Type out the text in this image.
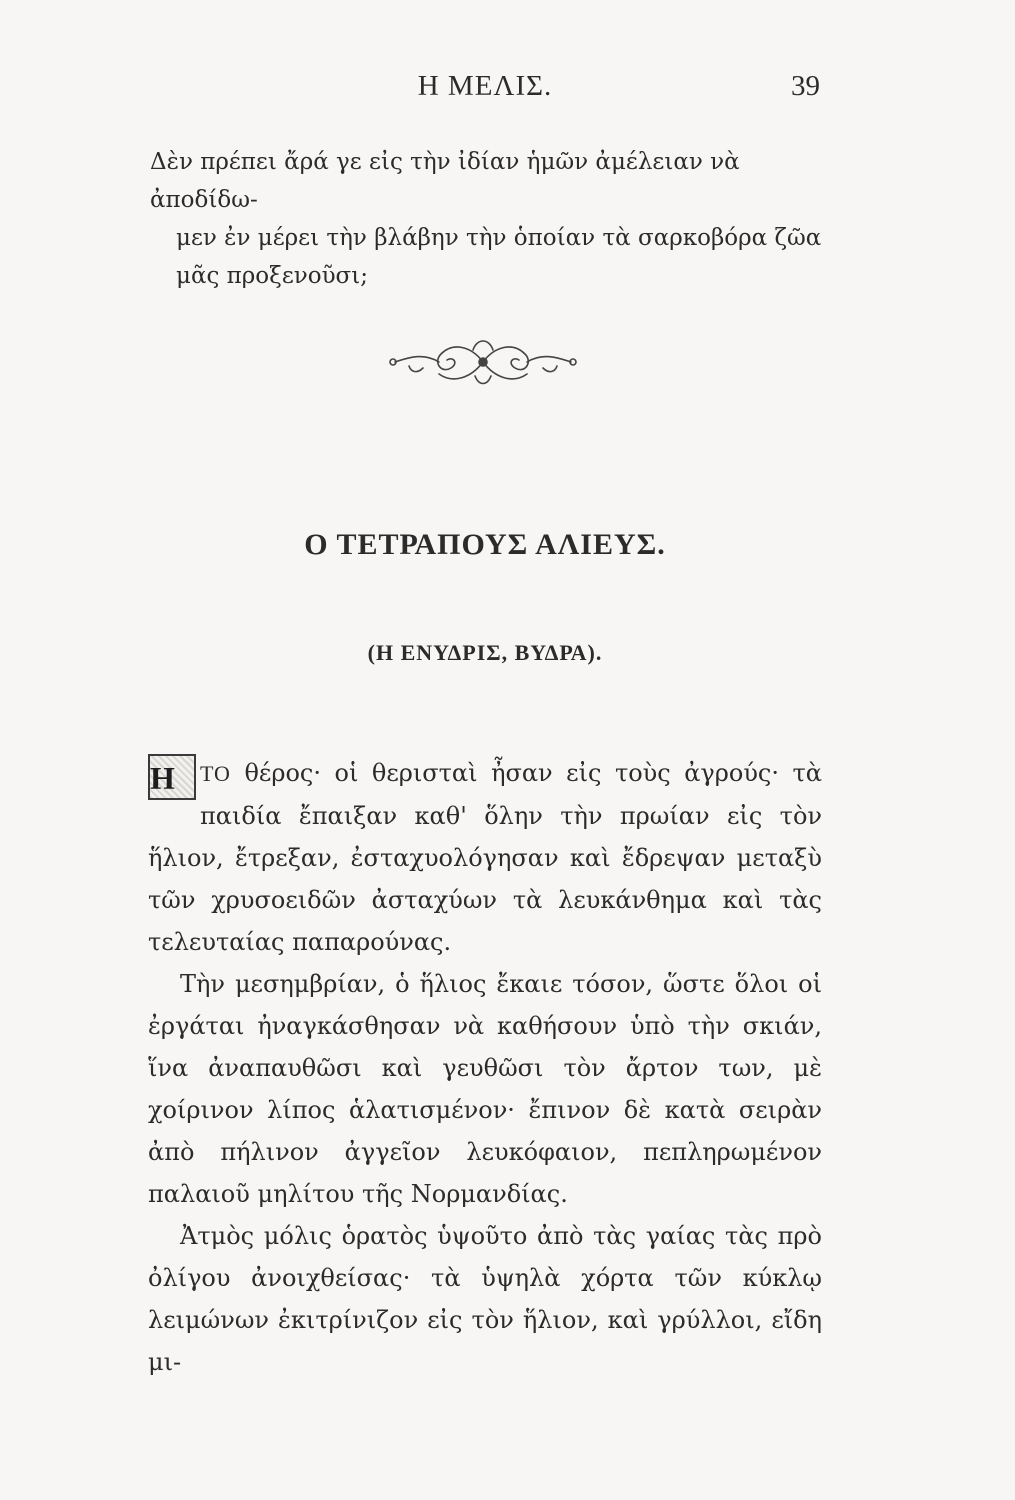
Η ΜΕΛΙΣ.	39
Δὲν πρέπει ἄρά γε εἰς τὴν ἰδίαν ἡμῶν ἀμέλειαν νὰ ἀποδίδω-
μεν ἐν μέρει τὴν βλάβην τὴν ὁποίαν τὰ σαρκοβόρα ζῶα
μᾶς προξενοῦσι;
Ο ΤΕΤΡΑΠΟΥΣ ΑΛΙΕΥΣ.
(Η ΕΝΥΔΡΙΣ, ΒΥΔΡΑ).

Η	ΤΟ θέρος· οἱ θερισταὶ ἦσαν εἰς τοὺς ἀγρούς· τὰ παιδία ἔπαιξαν καθ' ὅλην τὴν πρωίαν εἰς τὸν ἥλιον, ἔτρεξαν, ἐσταχυολόγησαν καὶ ἔδρεψαν μεταξὺ τῶν χρυσοειδῶν ἀσταχύων τὰ λευκάνθημα καὶ τὰς τελευταίας παπαρούνας.

Τὴν μεσημβρίαν, ὁ ἥλιος ἔκαιε τόσον, ὥστε ὅλοι οἱ ἐργάται ἠναγκάσθησαν νὰ καθήσουν ὑπὸ τὴν σκιάν, ἵνα ἀναπαυθῶσι καὶ γευθῶσι τὸν ἄρτον των, μὲ χοίρινον λίπος ἁλατισμένον· ἔπινον δὲ κατὰ σειρὰν ἀπὸ πήλινον ἀγγεῖον λευκόφαιον, πεπληρωμένον παλαιοῦ μηλίτου τῆς Νορμανδίας.

Ἀτμὸς μόλις ὁρατὸς ὑψοῦτο ἀπὸ τὰς γαίας τὰς πρὸ ὀλίγου ἀνοιχθείσας· τὰ ὑψηλὰ χόρτα τῶν κύκλῳ λειμώνων ἐκιτρίνιζον εἰς τὸν ἥλιον, καὶ γρύλλοι, εἴδη μι-
